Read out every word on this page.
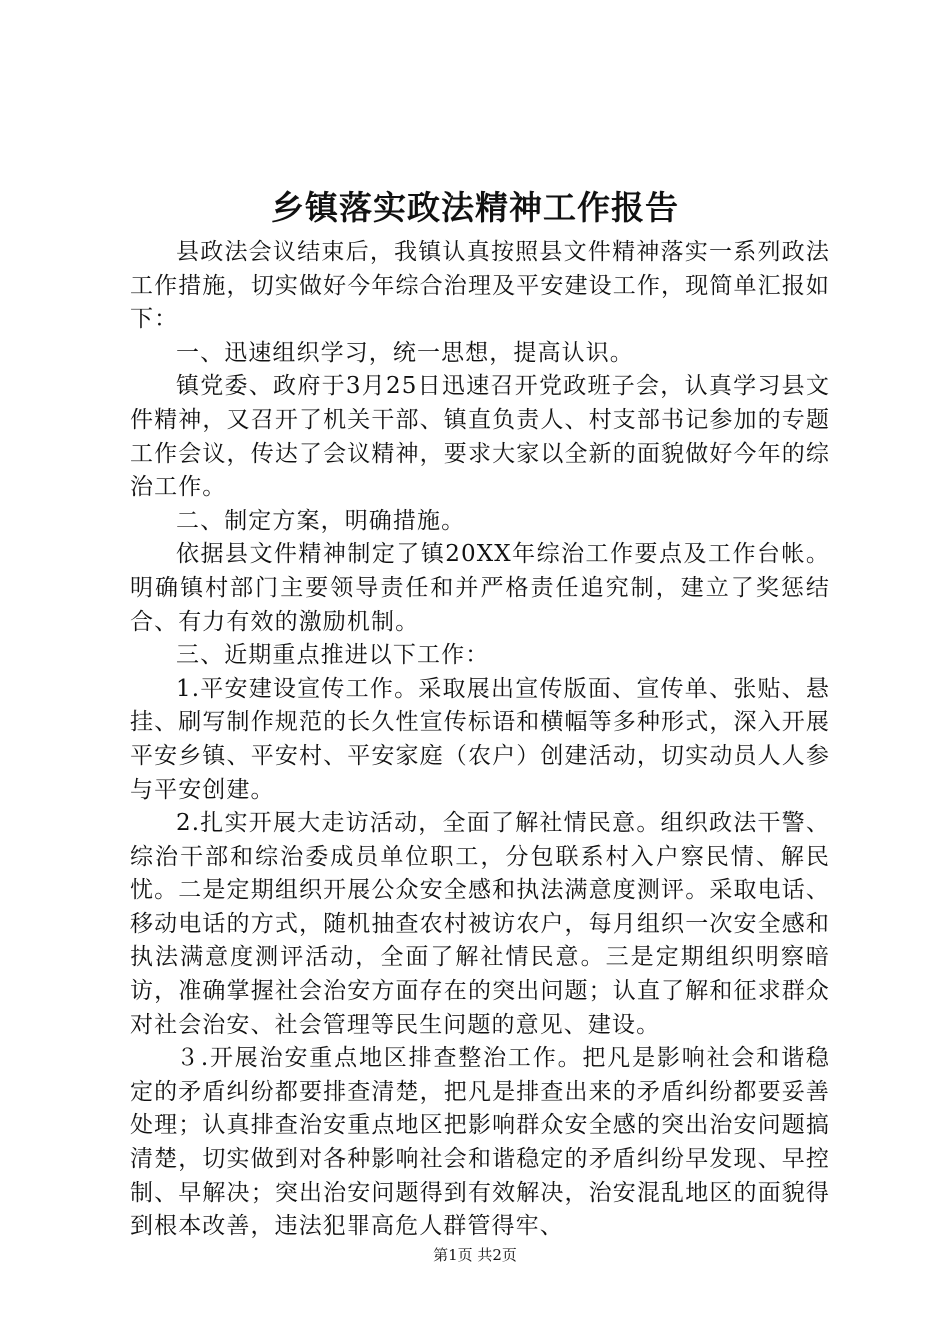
乡镇落实政法精神工作报告

县政法会议结束后，我镇认真按照县文件精神落实一系列政法工作措施，切实做好今年综合治理及平安建设工作，现简单汇报如下：

一、迅速组织学习，统一思想，提高认识。

镇党委、政府于3月25日迅速召开党政班子会，认真学习县文件精神，又召开了机关干部、镇直负责人、村支部书记参加的专题工作会议，传达了会议精神，要求大家以全新的面貌做好今年的综治工作。

二、制定方案，明确措施。

依据县文件精神制定了镇20XX年综治工作要点及工作台帐。明确镇村部门主要领导责任和并严格责任追究制，建立了奖惩结合、有力有效的激励机制。

三、近期重点推进以下工作：

1.平安建设宣传工作。采取展出宣传版面、宣传单、张贴、悬挂、刷写制作规范的长久性宣传标语和横幅等多种形式，深入开展平安乡镇、平安村、平安家庭（农户）创建活动，切实动员人人参与平安创建。

2.扎实开展大走访活动，全面了解社情民意。组织政法干警、综治干部和综治委成员单位职工，分包联系村入户察民情、解民忧。二是定期组织开展公众安全感和执法满意度测评。采取电话、移动电话的方式，随机抽查农村被访农户，每月组织一次安全感和执法满意度测评活动，全面了解社情民意。三是定期组织明察暗访，准确掌握社会治安方面存在的突出问题；认直了解和征求群众对社会治安、社会管理等民生问题的意见、建设。

３.开展治安重点地区排查整治工作。把凡是影响社会和谐稳定的矛盾纠纷都要排查清楚，把凡是排查出来的矛盾纠纷都要妥善处理；认真排查治安重点地区把影响群众安全感的突出治安问题搞清楚，切实做到对各种影响社会和谐稳定的矛盾纠纷早发现、早控制、早解决；突出治安问题得到有效解决，治安混乱地区的面貌得到根本改善，违法犯罪高危人群管得牢、

第1页 共2页
